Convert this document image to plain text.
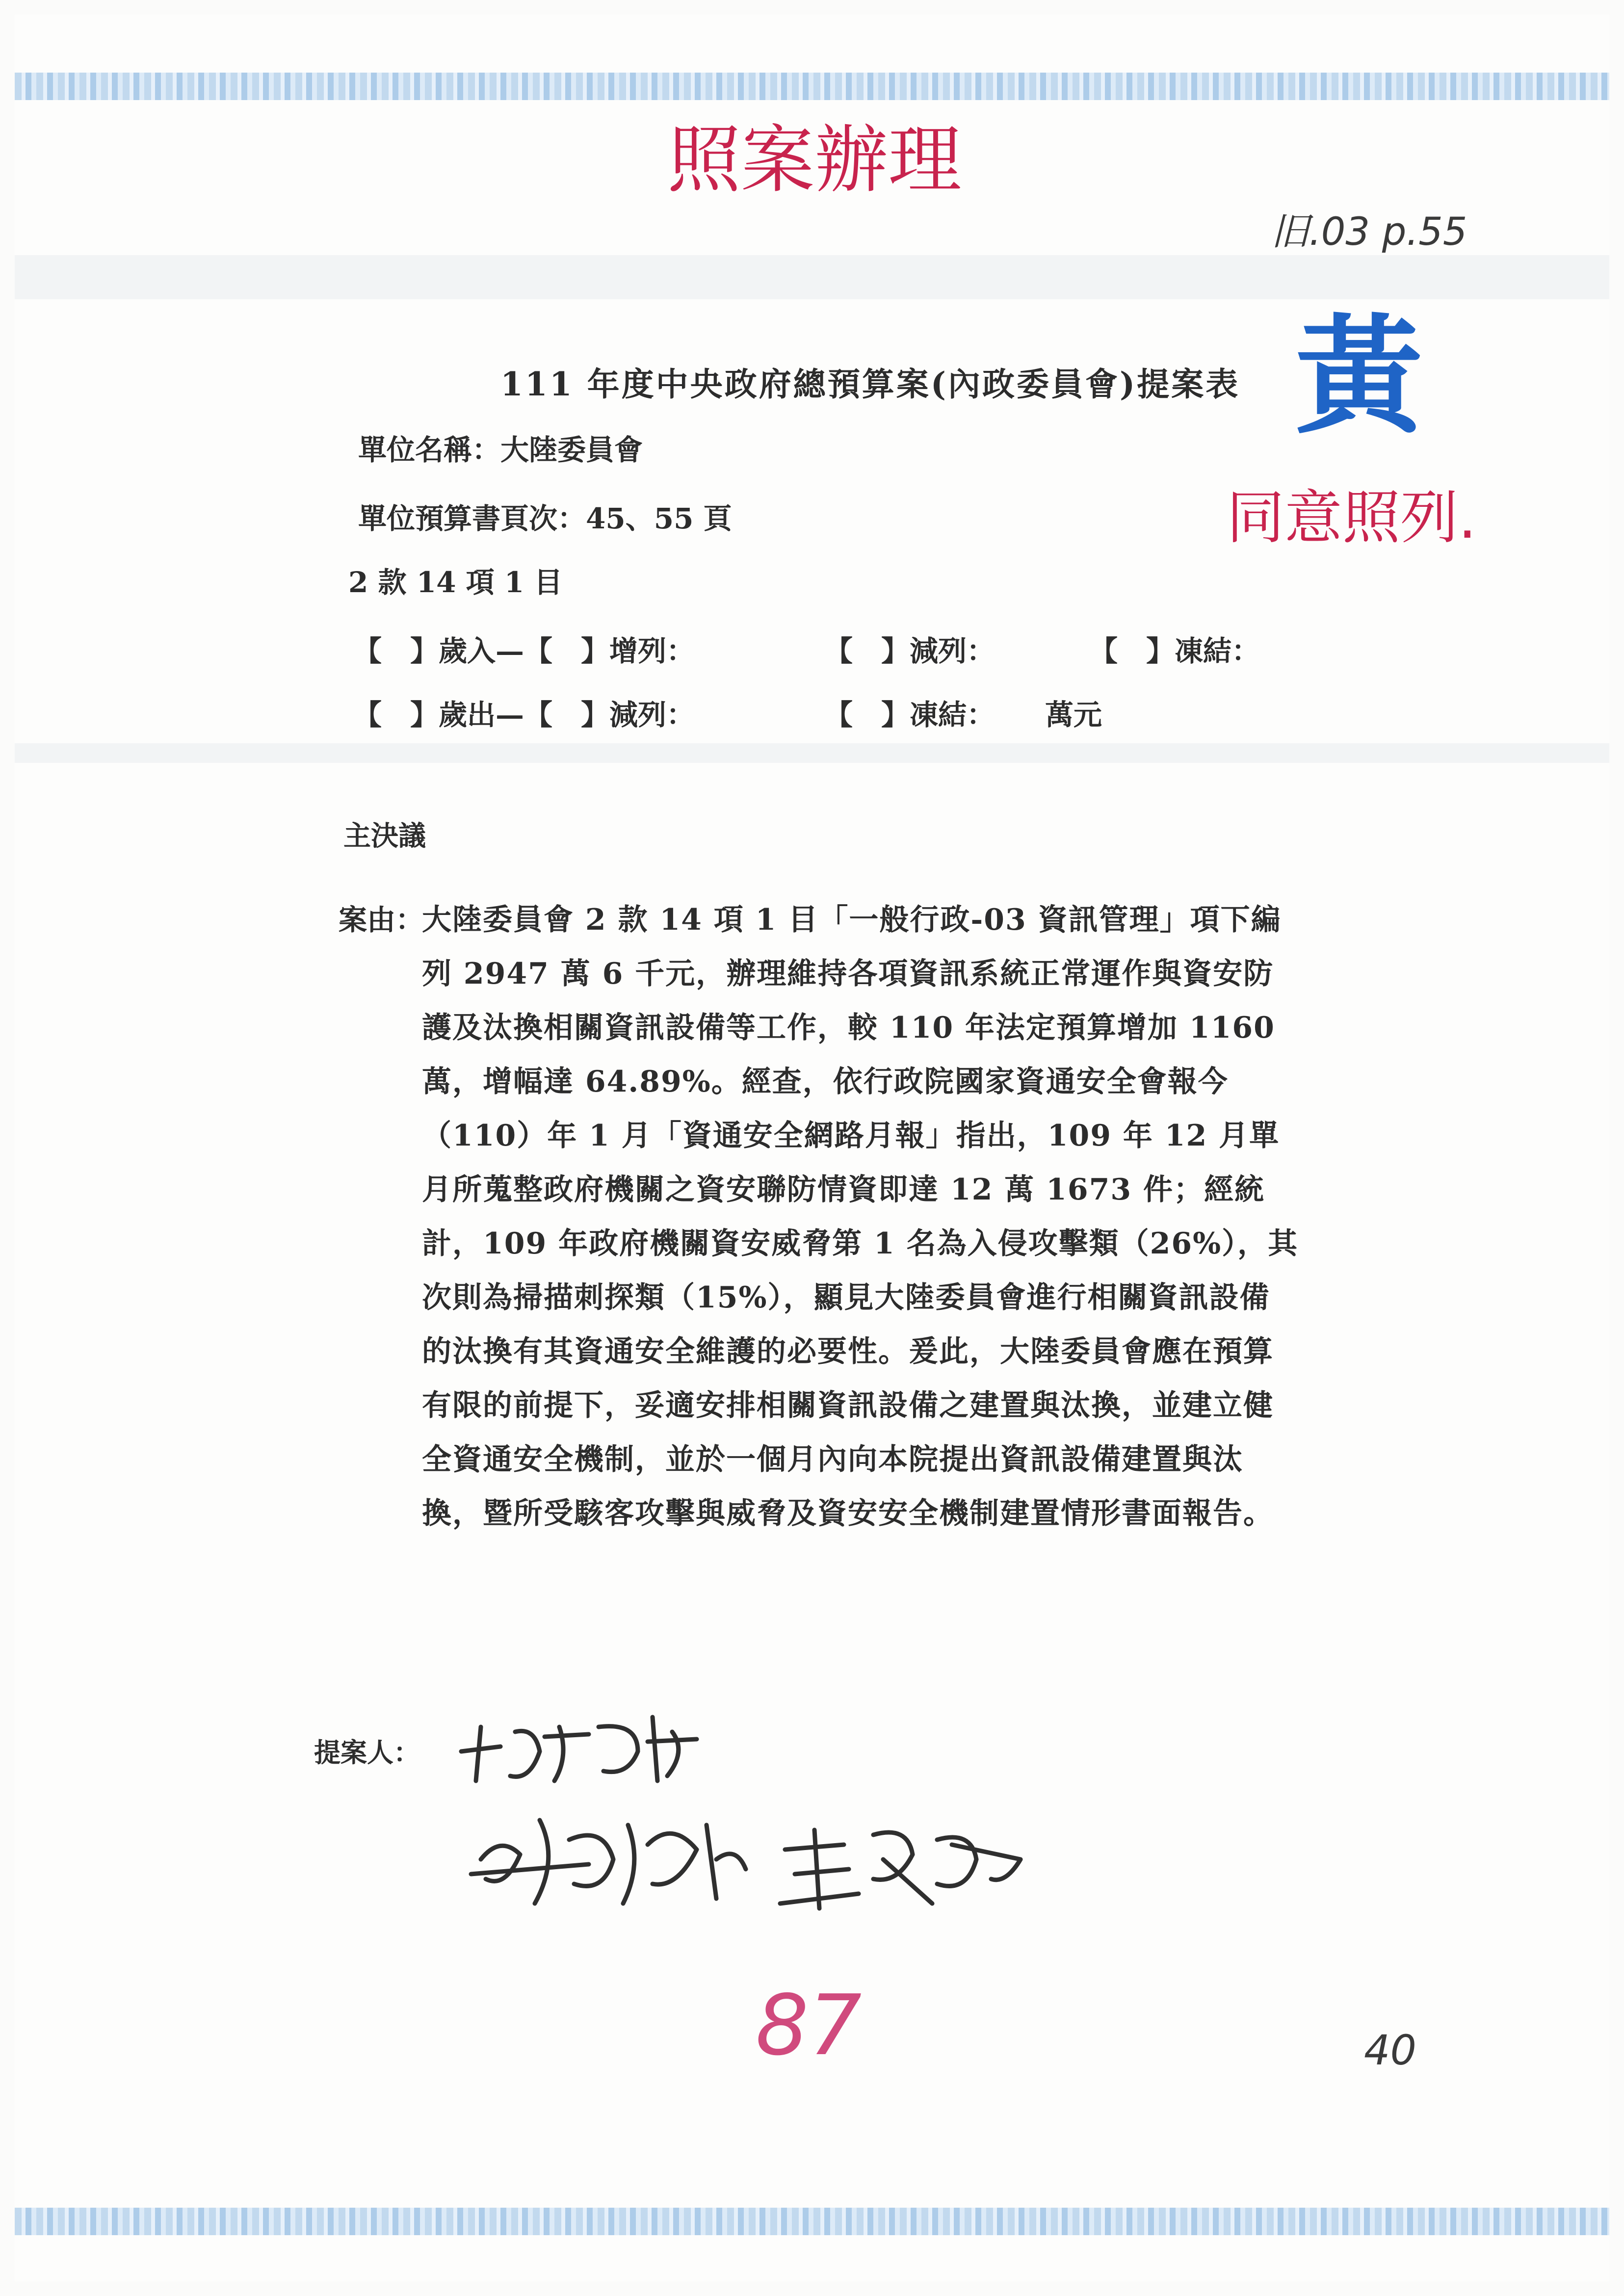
照案辦理
旧.03 p.55
黃
同意照列.
111 年度中央政府總預算案(內政委員會)提案表
單位名稱：大陸委員會
單位預算書頁次：45、55 頁
2 款 14 項 1 目
【　】歲入—【　】增列：	【　】減列：	【　】凍結：
【　】歲出—【　】減列：	【　】凍結： 萬元
主決議
案由：
大陸委員會 2 款 14 項 1 目「一般行政-03 資訊管理」項下編列 2947 萬 6 千元，辦理維持各項資訊系統正常運作與資安防護及汰換相關資訊設備等工作，較 110 年法定預算增加 1160 萬，增幅達 64.89%。經查，依行政院國家資通安全會報今（110）年 1 月「資通安全網路月報」指出，109 年 12 月單月所蒐整政府機關之資安聯防情資即達 12 萬 1673 件；經統計，109 年政府機關資安威脅第 1 名為入侵攻擊類（26%），其次則為掃描刺探類（15%），顯見大陸委員會進行相關資訊設備的汰換有其資通安全維護的必要性。爰此，大陸委員會應在預算有限的前提下，妥適安排相關資訊設備之建置與汰換，並建立健全資通安全機制，並於一個月內向本院提出資訊設備建置與汰換，暨所受駭客攻擊與威脅及資安安全機制建置情形書面報告。
提案人：
87	40
